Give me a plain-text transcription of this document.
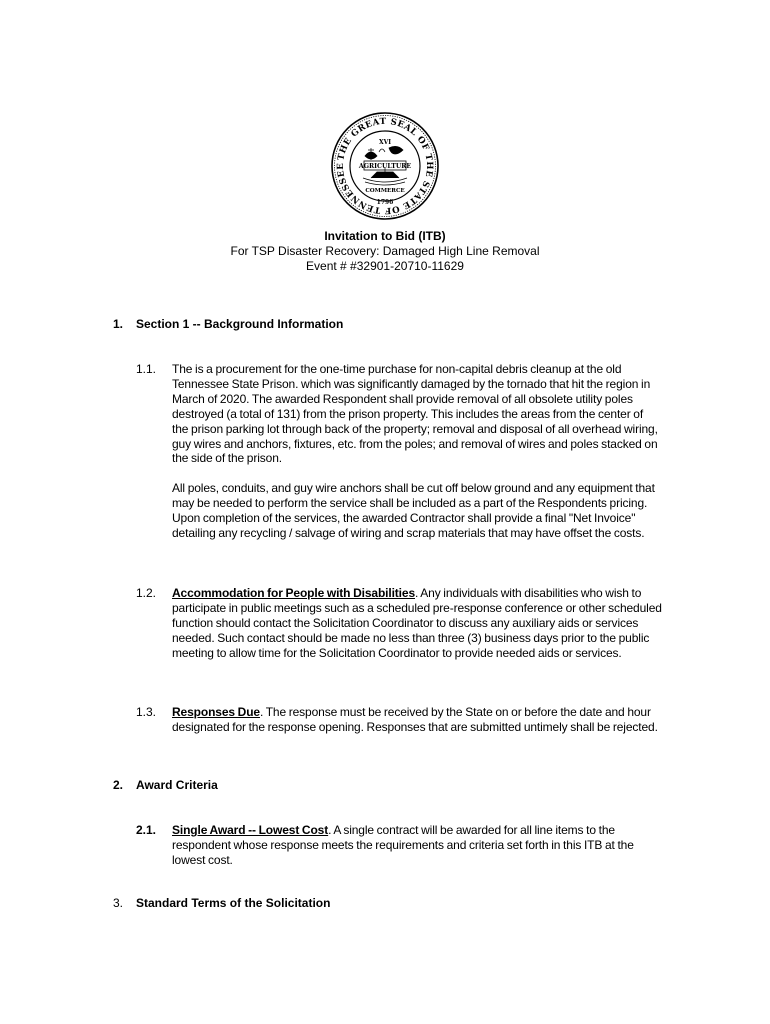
THE GREAT SEAL OF THE STATE OF TENNESSEE
XVI
AGRICULTURE
COMMERCE
1796
Invitation to Bid (ITB)
For TSP Disaster Recovery: Damaged High Line Removal
Event # #32901-20710-11629
1. Section 1 -- Background Information
1.1. The is a procurement for the one-time purchase for non-capital debris cleanup at the old Tennessee State Prison. which was significantly damaged by the tornado that hit the region in March of 2020. The awarded Respondent shall provide removal of all obsolete utility poles destroyed (a total of 131) from the prison property. This includes the areas from the center of the prison parking lot through back of the property; removal and disposal of all overhead wiring, guy wires and anchors, fixtures, etc. from the poles; and removal of wires and poles stacked on the side of the prison.
All poles, conduits, and guy wire anchors shall be cut off below ground and any equipment that may be needed to perform the service shall be included as a part of the Respondents pricing. Upon completion of the services, the awarded Contractor shall provide a final "Net Invoice" detailing any recycling / salvage of wiring and scrap materials that may have offset the costs.
1.2. Accommodation for People with Disabilities. Any individuals with disabilities who wish to participate in public meetings such as a scheduled pre-response conference or other scheduled function should contact the Solicitation Coordinator to discuss any auxiliary aids or services needed. Such contact should be made no less than three (3) business days prior to the public meeting to allow time for the Solicitation Coordinator to provide needed aids or services.
1.3. Responses Due. The response must be received by the State on or before the date and hour designated for the response opening. Responses that are submitted untimely shall be rejected.
2. Award Criteria
2.1. Single Award -- Lowest Cost. A single contract will be awarded for all line items to the respondent whose response meets the requirements and criteria set forth in this ITB at the lowest cost.
3. Standard Terms of the Solicitation
